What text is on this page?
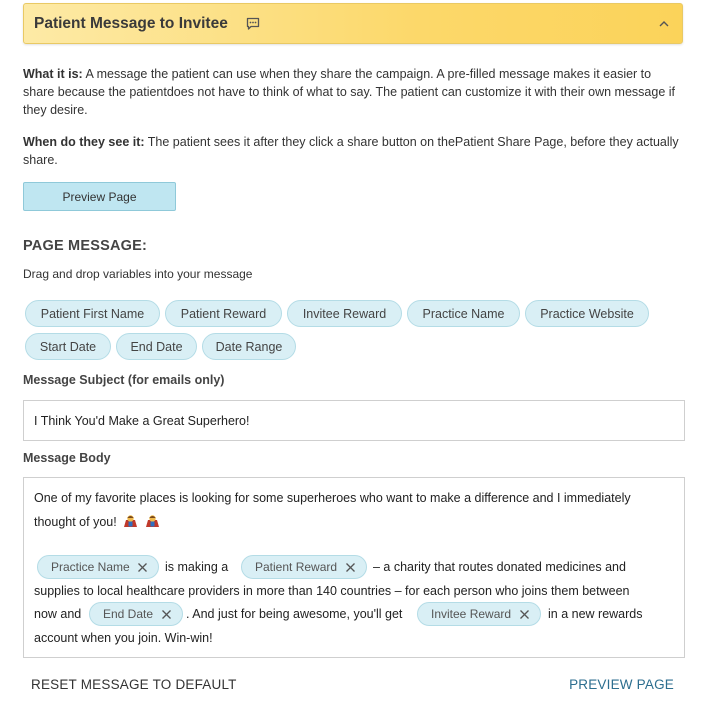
Patient Message to Invitee
What it is: A message the patient can use when they share the campaign. A pre-filled message makes it easier to share because the patientdoes not have to think of what to say. The patient can customize it with their own message if they desire.
When do they see it: The patient sees it after they click a share button on thePatient Share Page, before they actually share.
Preview Page
PAGE MESSAGE:
Drag and drop variables into your message
Patient First Name	Patient Reward	Invitee Reward	Practice Name	Practice Website
Start Date	End Date	Date Range
Message Subject (for emails only)
I Think You'd Make a Great Superhero!
Message Body
One of my favorite places is looking for some superheroes who want to make a difference and I immediately
thought of you!
Practice Name	is making a Patient Reward	– a charity that routes donated medicines and
supplies to local healthcare providers in more than 140 countries – for each person who joins them between
now and End Date	. And just for being awesome, you'll get Invitee Reward	in a new rewards
account when you join. Win-win!
RESET MESSAGE TO DEFAULT	PREVIEW PAGE
